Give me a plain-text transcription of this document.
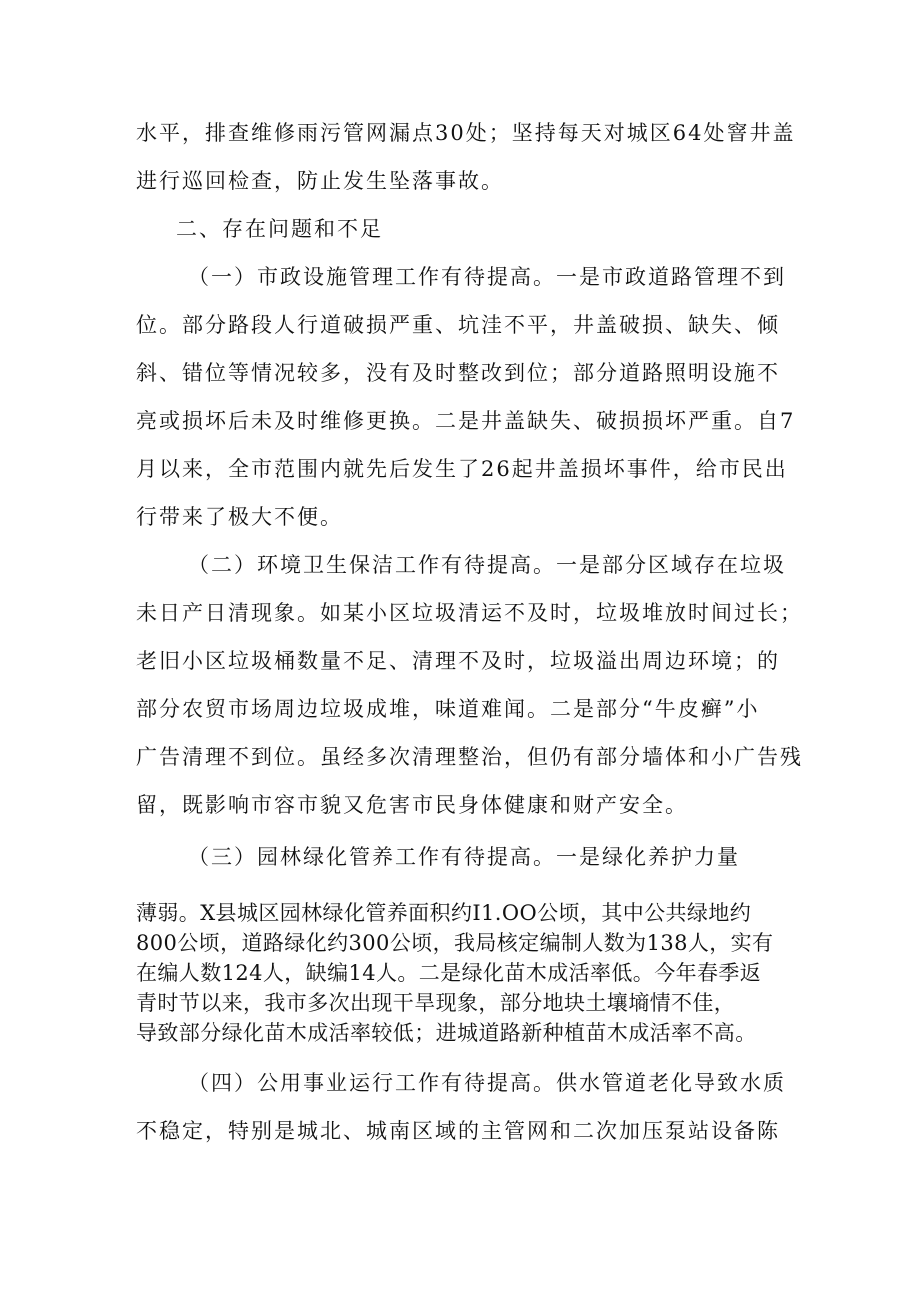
水平，排查维修雨污管网漏点30处；坚持每天对城区64处窨井盖
进行巡回检查，防止发生坠落事故。
二、存在问题和不足
（一）市政设施管理工作有待提高。一是市政道路管理不到
位。部分路段人行道破损严重、坑洼不平，井盖破损、缺失、倾
斜、错位等情况较多，没有及时整改到位；部分道路照明设施不
亮或损坏后未及时维修更换。二是井盖缺失、破损损坏严重。自7
月以来，全市范围内就先后发生了26起井盖损坏事件，给市民出
行带来了极大不便。
（二）环境卫生保洁工作有待提高。一是部分区域存在垃圾
未日产日清现象。如某小区垃圾清运不及时，垃圾堆放时间过长；
老旧小区垃圾桶数量不足、清理不及时，垃圾溢出周边环境；的
部分农贸市场周边垃圾成堆，味道难闻。二是部分“牛皮癣”小
广告清理不到位。虽经多次清理整治，但仍有部分墙体和小广告残
留，既影响市容市貌又危害市民身体健康和财产安全。
（三）园林绿化管养工作有待提高。一是绿化养护力量
薄弱。X县城区园林绿化管养面积约I1.OO公顷，其中公共绿地约
800公顷，道路绿化约300公顷，我局核定编制人数为138人，实有
在编人数124人，缺编14人。二是绿化苗木成活率低。今年春季返
青时节以来，我市多次出现干旱现象，部分地块土壤墒情不佳，
导致部分绿化苗木成活率较低；进城道路新种植苗木成活率不高。
（四）公用事业运行工作有待提高。供水管道老化导致水质
不稳定，特别是城北、城南区域的主管网和二次加压泵站设备陈
